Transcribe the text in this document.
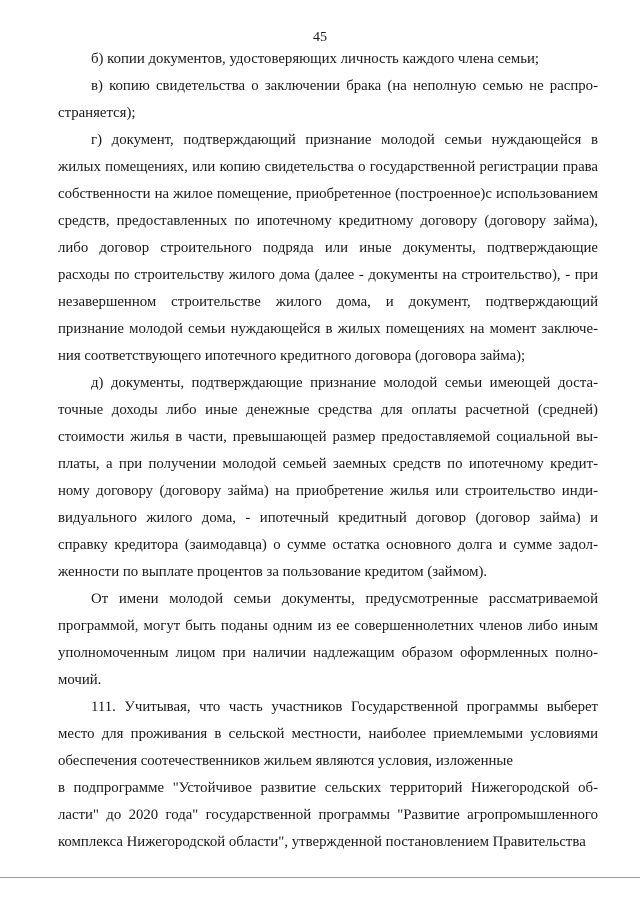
45

б) копии документов, удостоверяющих личность каждого члена семьи;

в) копию свидетельства о заключении брака (на неполную семью не распространяется);

г) документ, подтверждающий признание молодой семьи нуждающейся в жилых помещениях, или копию свидетельства о государственной регистрации права собственности на жилое помещение, приобретенное (построенное)с использованием средств, предоставленных по ипотечному кредитному договору (договору займа), либо договор строительного подряда или иные документы, подтверждающие расходы по строительству жилого дома (далее - документы на строительство), - при незавершенном строительстве жилого дома, и документ, подтверждающий признание молодой семьи нуждающейся в жилых помещениях на момент заключения соответствующего ипотечного кредитного договора (договора займа);

д) документы, подтверждающие признание молодой семьи имеющей достаточные доходы либо иные денежные средства для оплаты расчетной (средней) стоимости жилья в части, превышающей размер предоставляемой социальной выплаты, а при получении молодой семьей заемных средств по ипотечному кредитному договору (договору займа) на приобретение жилья или строительство индивидуального жилого дома, - ипотечный кредитный договор (договор займа) и справку кредитора (заимодавца) о сумме остатка основного долга и сумме задолженности по выплате процентов за пользование кредитом (займом).

От имени молодой семьи документы, предусмотренные рассматриваемой программой, могут быть поданы одним из ее совершеннолетних членов либо иным уполномоченным лицом при наличии надлежащим образом оформленных полномочий.

111. Учитывая, что часть участников Государственной программы выберет место для проживания в сельской местности, наиболее приемлемыми условиями обеспечения соотечественников жильем являются условия, изложенные

в подпрограмме "Устойчивое развитие сельских территорий Нижегородской области" до 2020 года" государственной программы "Развитие агропромышленного комплекса Нижегородской области", утвержденной постановлением Правительства
